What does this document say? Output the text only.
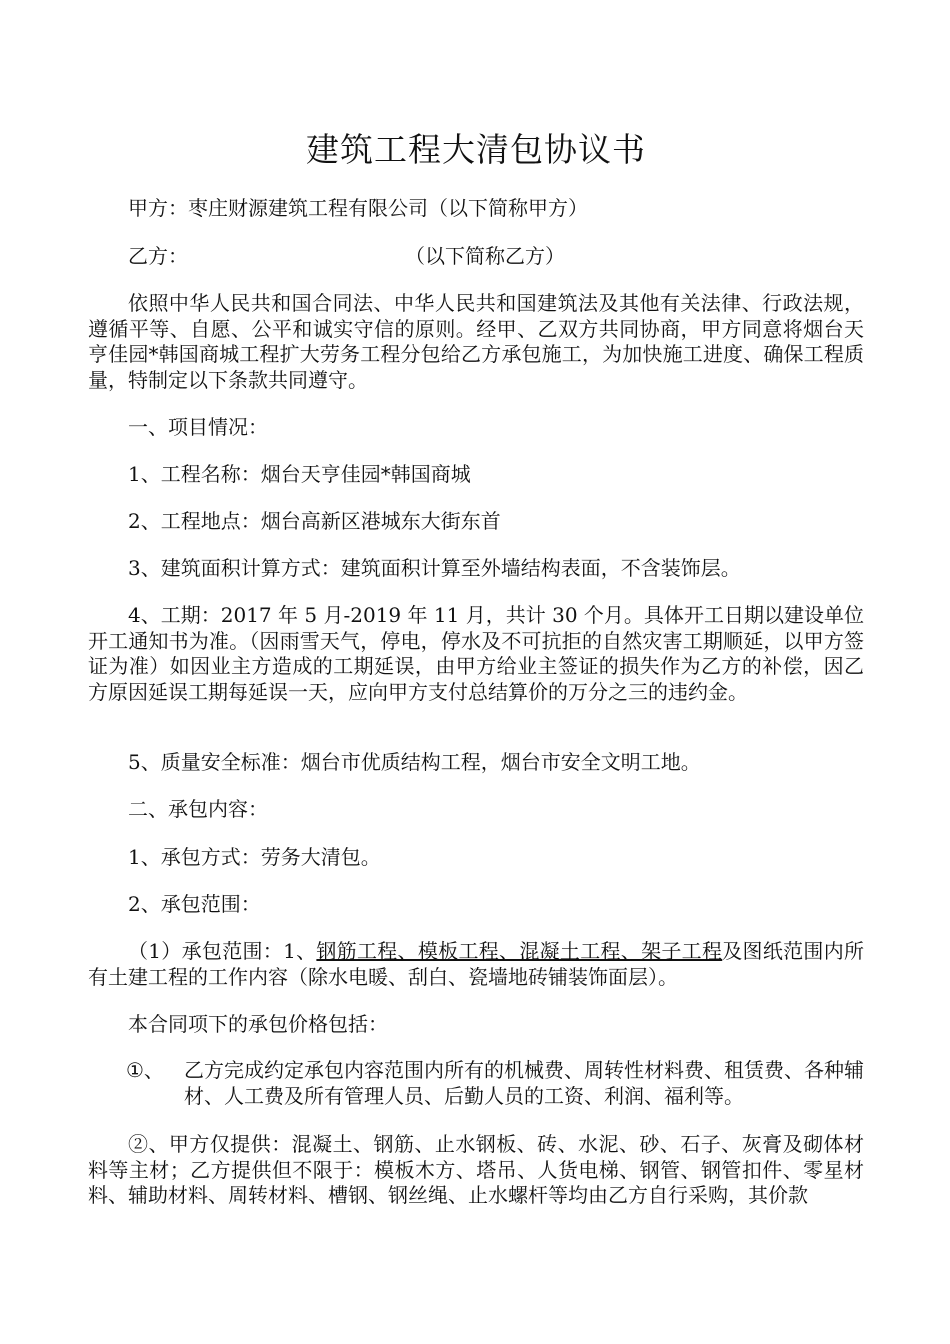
建筑工程大清包协议书

甲方：枣庄财源建筑工程有限公司（以下简称甲方）

乙方：	（以下简称乙方）

依照中华人民共和国合同法、中华人民共和国建筑法及其他有关法律、行政法规，遵循平等、自愿、公平和诚实守信的原则。经甲、乙双方共同协商，甲方同意将烟台天亨佳园*韩国商城工程扩大劳务工程分包给乙方承包施工，为加快施工进度、确保工程质量，特制定以下条款共同遵守。

一、项目情况：

1、工程名称：烟台天亨佳园*韩国商城

2、工程地点：烟台高新区港城东大街东首

3、建筑面积计算方式：建筑面积计算至外墙结构表面，不含装饰层。

4、工期：2017 年 5 月-2019 年 11 月，共计 30 个月。具体开工日期以建设单位开工通知书为准。（因雨雪天气，停电，停水及不可抗拒的自然灾害工期顺延，以甲方签证为准）如因业主方造成的工期延误，由甲方给业主签证的损失作为乙方的补偿，因乙方原因延误工期每延误一天，应向甲方支付总结算价的万分之三的违约金。

5、质量安全标准：烟台市优质结构工程，烟台市安全文明工地。

二、承包内容：

1、承包方式：劳务大清包。

2、承包范围：

（1）承包范围：1、钢筋工程、模板工程、混凝土工程、架子工程及图纸范围内所有土建工程的工作内容（除水电暖、刮白、瓷墙地砖铺装饰面层）。

本合同项下的承包价格包括：

①、 乙方完成约定承包内容范围内所有的机械费、周转性材料费、租赁费、各种辅材、人工费及所有管理人员、后勤人员的工资、利润、福利等。

②、甲方仅提供：混凝土、钢筋、止水钢板、砖、水泥、砂、石子、灰膏及砌体材料等主材；乙方提供但不限于：模板木方、塔吊、人货电梯、钢管、钢管扣件、零星材料、辅助材料、周转材料、槽钢、钢丝绳、止水螺杆等均由乙方自行采购，其价款
